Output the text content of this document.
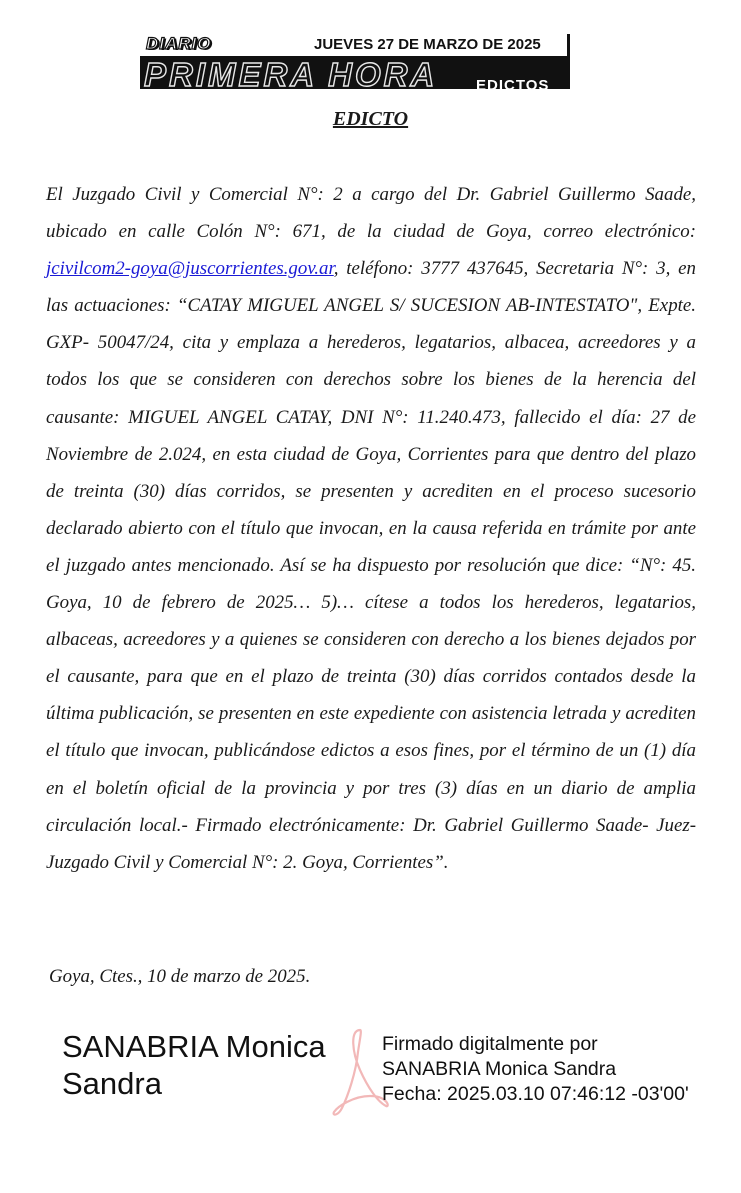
DIARIO	JUEVES 27 DE MARZO DE 2025
PRIMERA HORA	EDICTOS
EDICTO
El Juzgado Civil y Comercial N°: 2 a cargo del Dr. Gabriel Guillermo Saade, ubicado en calle Colón N°: 671, de la ciudad de Goya, correo electrónico: jcivilcom2-goya@juscorrientes.gov.ar, teléfono: 3777 437645, Secretaria N°: 3, en las actuaciones: “CATAY MIGUEL ANGEL S/ SUCESION AB-INTESTATO", Expte. GXP- 50047/24, cita y emplaza a herederos, legatarios, albacea, acreedores y a todos los que se consideren con derechos sobre los bienes de la herencia del causante: MIGUEL ANGEL CATAY, DNI N°: 11.240.473, fallecido el día: 27 de Noviembre de 2.024, en esta ciudad de Goya, Corrientes para que dentro del plazo de treinta (30) días corridos, se presenten y acrediten en el proceso sucesorio declarado abierto con el título que invocan, en la causa referida en trámite por ante el juzgado antes mencionado. Así se ha dispuesto por resolución que dice: “N°: 45. Goya, 10 de febrero de 2025… 5)… cítese a todos los herederos, legatarios, albaceas, acreedores y a quienes se consideren con derecho a los bienes dejados por el causante, para que en el plazo de treinta (30) días corridos contados desde la última publicación, se presenten en este expediente con asistencia letrada y acrediten el título que invocan, publicándose edictos a esos fines, por el término de un (1) día en el boletín oficial de la provincia y por tres (3) días en un diario de amplia circulación local.- Firmado electrónicamente: Dr. Gabriel Guillermo Saade- Juez- Juzgado Civil y Comercial N°: 2. Goya, Corrientes”.
Goya, Ctes., 10 de marzo de 2025.
SANABRIA Monica Sandra
Firmado digitalmente por
SANABRIA Monica Sandra
Fecha: 2025.03.10 07:46:12 -03'00'
